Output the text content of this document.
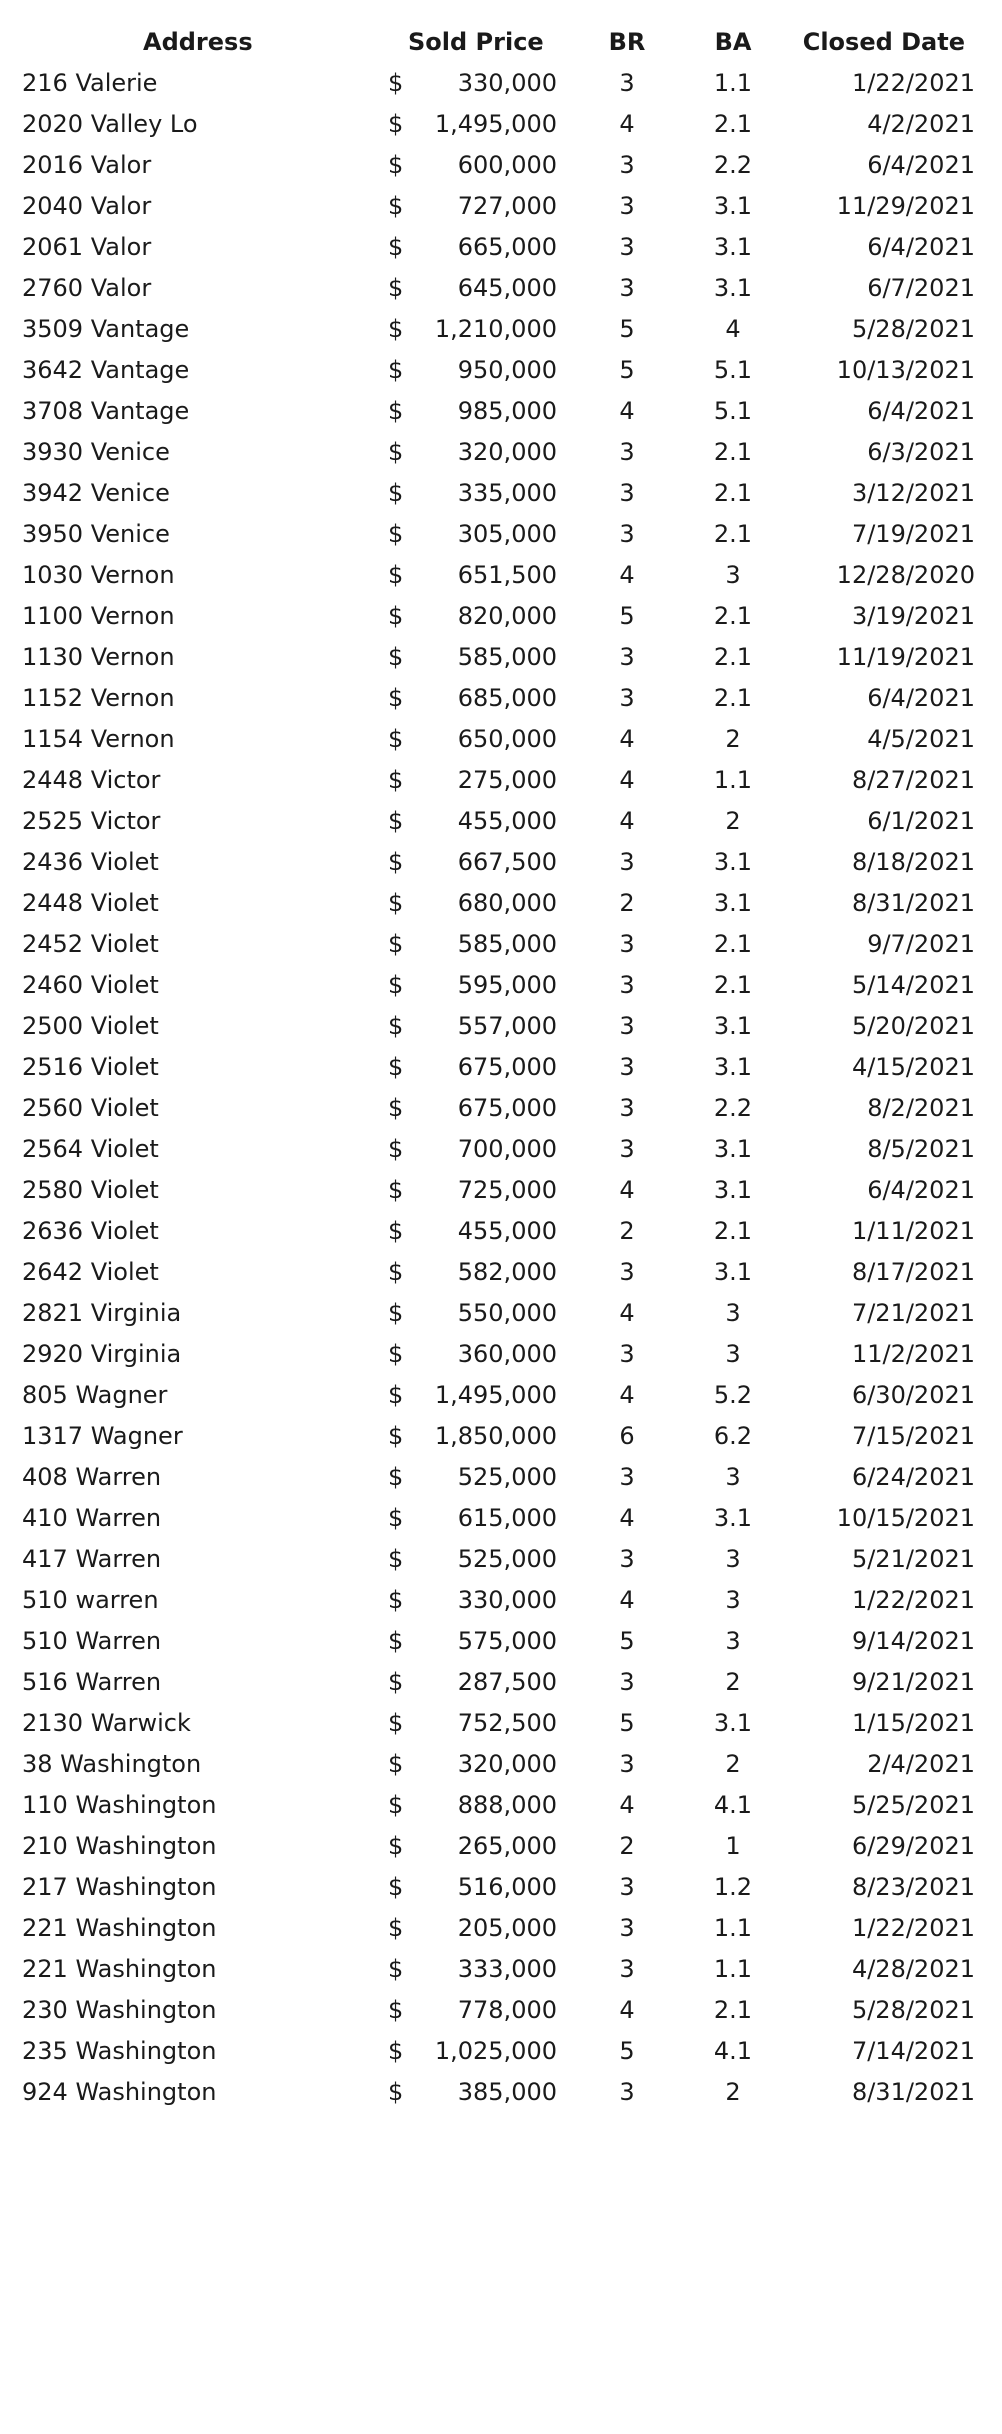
Address	Sold Price	BR	BA	Closed Date
216 Valerie	$ 330,000	3	1.1	1/22/2021
2020 Valley Lo	$ 1,495,000	4	2.1	4/2/2021
2016 Valor	$ 600,000	3	2.2	6/4/2021
2040 Valor	$ 727,000	3	3.1	11/29/2021
2061 Valor	$ 665,000	3	3.1	6/4/2021
2760 Valor	$ 645,000	3	3.1	6/7/2021
3509 Vantage	$ 1,210,000	5	4	5/28/2021
3642 Vantage	$ 950,000	5	5.1	10/13/2021
3708 Vantage	$ 985,000	4	5.1	6/4/2021
3930 Venice	$ 320,000	3	2.1	6/3/2021
3942 Venice	$ 335,000	3	2.1	3/12/2021
3950 Venice	$ 305,000	3	2.1	7/19/2021
1030 Vernon	$ 651,500	4	3	12/28/2020
1100 Vernon	$ 820,000	5	2.1	3/19/2021
1130 Vernon	$ 585,000	3	2.1	11/19/2021
1152 Vernon	$ 685,000	3	2.1	6/4/2021
1154 Vernon	$ 650,000	4	2	4/5/2021
2448 Victor	$ 275,000	4	1.1	8/27/2021
2525 Victor	$ 455,000	4	2	6/1/2021
2436 Violet	$ 667,500	3	3.1	8/18/2021
2448 Violet	$ 680,000	2	3.1	8/31/2021
2452 Violet	$ 585,000	3	2.1	9/7/2021
2460 Violet	$ 595,000	3	2.1	5/14/2021
2500 Violet	$ 557,000	3	3.1	5/20/2021
2516 Violet	$ 675,000	3	3.1	4/15/2021
2560 Violet	$ 675,000	3	2.2	8/2/2021
2564 Violet	$ 700,000	3	3.1	8/5/2021
2580 Violet	$ 725,000	4	3.1	6/4/2021
2636 Violet	$ 455,000	2	2.1	1/11/2021
2642 Violet	$ 582,000	3	3.1	8/17/2021
2821 Virginia	$ 550,000	4	3	7/21/2021
2920 Virginia	$ 360,000	3	3	11/2/2021
805 Wagner	$ 1,495,000	4	5.2	6/30/2021
1317 Wagner	$ 1,850,000	6	6.2	7/15/2021
408 Warren	$ 525,000	3	3	6/24/2021
410 Warren	$ 615,000	4	3.1	10/15/2021
417 Warren	$ 525,000	3	3	5/21/2021
510 warren	$ 330,000	4	3	1/22/2021
510 Warren	$ 575,000	5	3	9/14/2021
516 Warren	$ 287,500	3	2	9/21/2021
2130 Warwick	$ 752,500	5	3.1	1/15/2021
38 Washington	$ 320,000	3	2	2/4/2021
110 Washington	$ 888,000	4	4.1	5/25/2021
210 Washington	$ 265,000	2	1	6/29/2021
217 Washington	$ 516,000	3	1.2	8/23/2021
221 Washington	$ 205,000	3	1.1	1/22/2021
221 Washington	$ 333,000	3	1.1	4/28/2021
230 Washington	$ 778,000	4	2.1	5/28/2021
235 Washington	$ 1,025,000	5	4.1	7/14/2021
924 Washington	$ 385,000	3	2	8/31/2021
